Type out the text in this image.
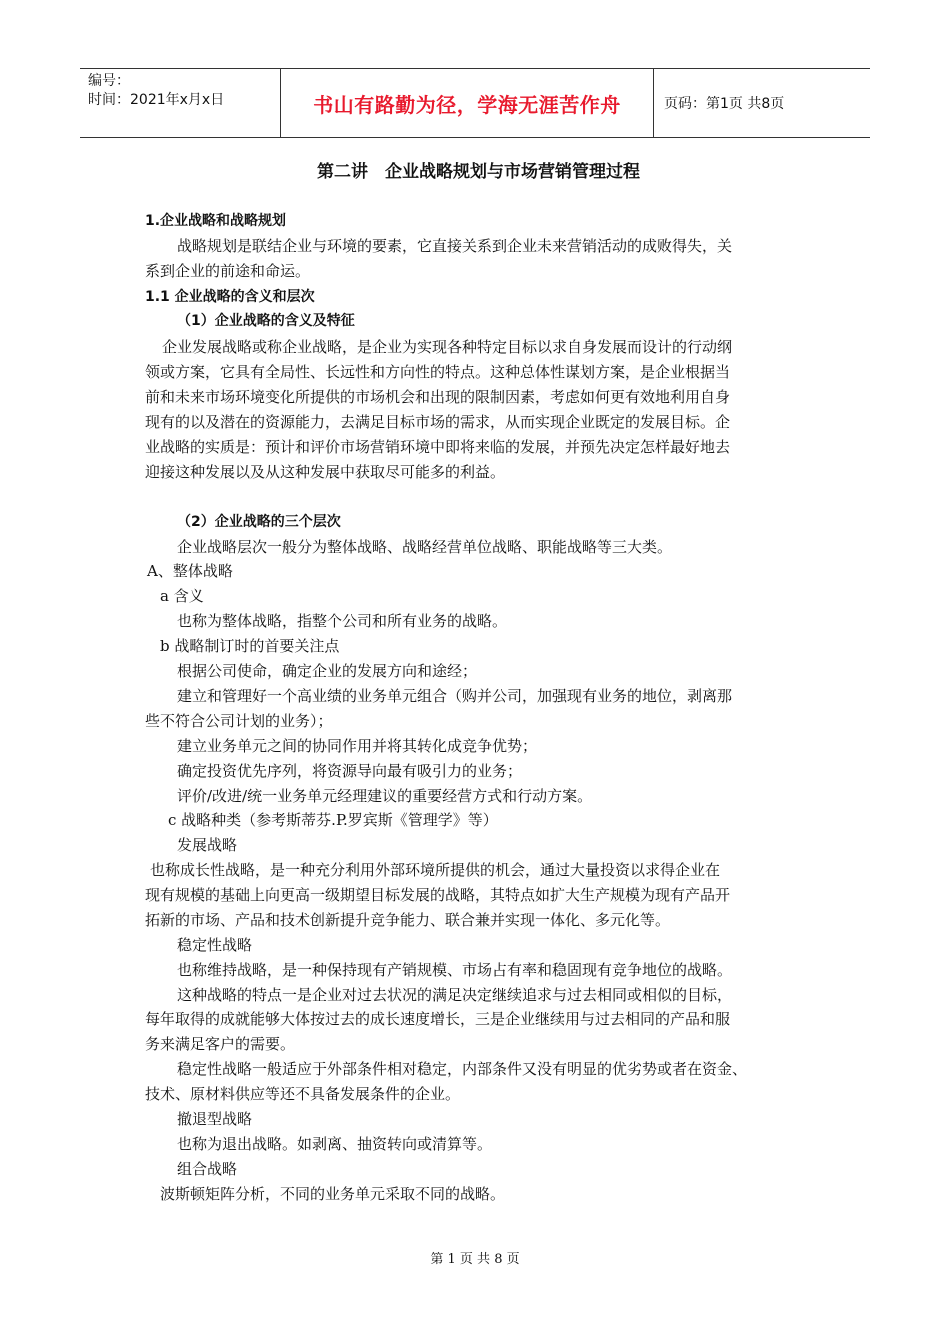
编号：
时间：2021年x月x日	书山有路勤为径，学海无涯苦作舟	页码：第1页 共8页
第二讲　企业战略规划与市场营销管理过程
1.企业战略和战略规划
战略规划是联结企业与环境的要素，它直接关系到企业未来营销活动的成败得失，关
系到企业的前途和命运。
1.1 企业战略的含义和层次
（1）企业战略的含义及特征
企业发展战略或称企业战略，是企业为实现各种特定目标以求自身发展而设计的行动纲
领或方案，它具有全局性、长远性和方向性的特点。这种总体性谋划方案，是企业根据当
前和未来市场环境变化所提供的市场机会和出现的限制因素，考虑如何更有效地利用自身
现有的以及潜在的资源能力，去满足目标市场的需求，从而实现企业既定的发展目标。企
业战略的实质是：预计和评价市场营销环境中即将来临的发展，并预先决定怎样最好地去
迎接这种发展以及从这种发展中获取尽可能多的利益。
（2）企业战略的三个层次
企业战略层次一般分为整体战略、战略经营单位战略、职能战略等三大类。
A、整体战略
a 含义
也称为整体战略，指整个公司和所有业务的战略。
b 战略制订时的首要关注点
根据公司使命，确定企业的发展方向和途经；
建立和管理好一个高业绩的业务单元组合（购并公司，加强现有业务的地位，剥离那
些不符合公司计划的业务）；
建立业务单元之间的协同作用并将其转化成竞争优势；
确定投资优先序列，将资源导向最有吸引力的业务；
评价/改进/统一业务单元经理建议的重要经营方式和行动方案。
c 战略种类（参考斯蒂芬.P.罗宾斯《管理学》等）
发展战略
也称成长性战略，是一种充分利用外部环境所提供的机会，通过大量投资以求得企业在
现有规模的基础上向更高一级期望目标发展的战略，其特点如扩大生产规模为现有产品开
拓新的市场、产品和技术创新提升竞争能力、联合兼并实现一体化、多元化等。
稳定性战略
也称维持战略，是一种保持现有产销规模、市场占有率和稳固现有竞争地位的战略。
这种战略的特点一是企业对过去状况的满足决定继续追求与过去相同或相似的目标，
每年取得的成就能够大体按过去的成长速度增长，三是企业继续用与过去相同的产品和服
务来满足客户的需要。
稳定性战略一般适应于外部条件相对稳定，内部条件又没有明显的优劣势或者在资金、
技术、原材料供应等还不具备发展条件的企业。
撤退型战略
也称为退出战略。如剥离、抽资转向或清算等。
组合战略
波斯顿矩阵分析，不同的业务单元采取不同的战略。
第 1 页 共 8 页
